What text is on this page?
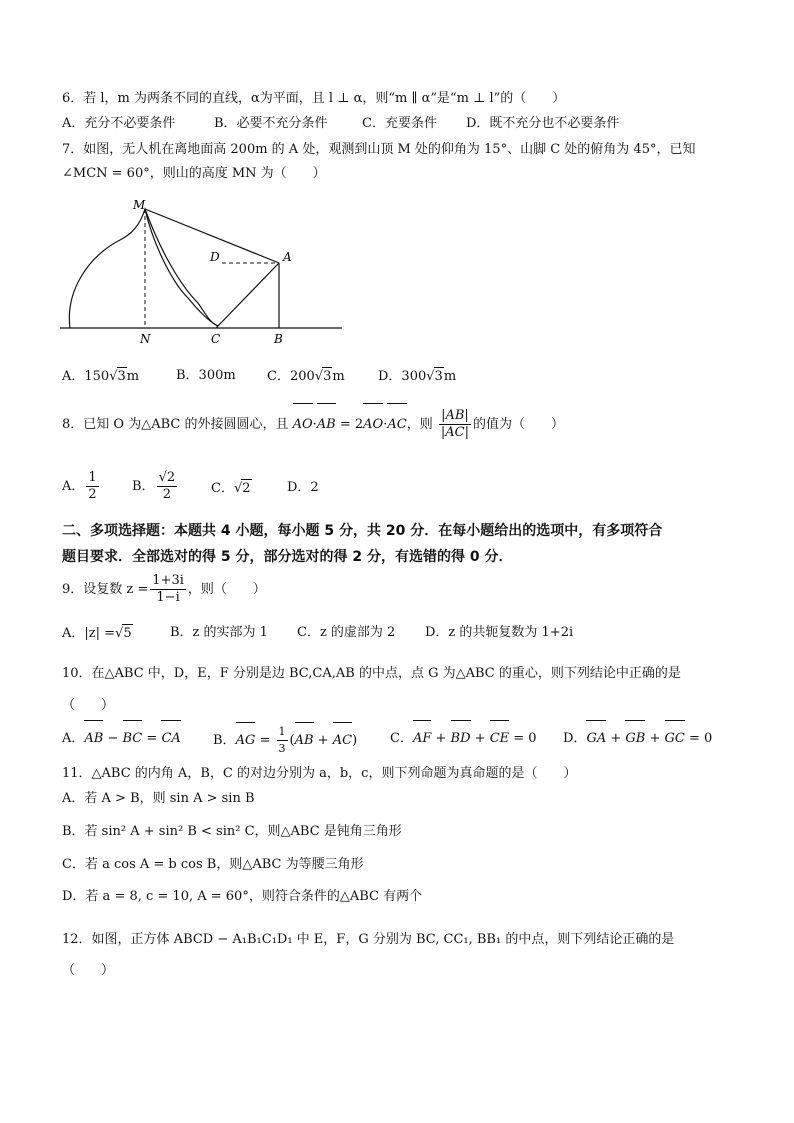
6．若 l，m 为两条不同的直线，α为平面，且 l ⊥ α，则“m ∥ α”是“m ⊥ l”的（　　）
A．充分不必要条件	B．必要不充分条件	C．充要条件 D．既不充分也不必要条件
7．如图，无人机在离地面高 200m 的 A 处，观测到山顶 M 处的仰角为 15°、山脚 C 处的俯角为 45°，已知
∠MCN = 60°，则山的高度 MN 为（　　）
M
D	A
N	C	B
A．150√3m	B．300m C．200√3m	D．300√3m
8．已知 O 为△ABC 的外接圆圆心，且 AO·AB = 2AO·AC，则 $\frac{|AB|}{|AC|}$ 的值为（　　）
A． $\frac{1}{2}$	B． $\frac{√2}{2}$	C．√2	D．2
二、多项选择题：本题共 4 小题，每小题 5 分，共 20 分．在每小题给出的选项中，有多项符合
题目要求．全部选对的得 5 分，部分选对的得 2 分，有选错的得 0 分．
9．设复数 $z = \frac{1+3i}{1-i}$ ，则（　　）
A．|z| =√5	B．z 的实部为 1 C．z 的虚部为 2 D．z 的共轭复数为 1+2i
10．在△ABC 中，D，E，F 分别是边 BC,CA,AB 的中点，点 G 为△ABC 的重心，则下列结论中正确的是
（　　）
A．AB − BC = CA B．AG = $\frac{1}{3} (AB + AC)$	C．AF + BD + CE = 0 D．GA + GB + GC = 0
11．△ABC 的内角 A，B，C 的对边分别为 a，b，c，则下列命题为真命题的是（　　）
A．若 A > B，则 sin A > sin B
B．若 sin² A + sin² B < sin² C，则△ABC 是钝角三角形
C．若 a cos A = b cos B，则△ABC 为等腰三角形
D．若 a = 8, c = 10, A = 60°，则符合条件的△ABC 有两个
12．如图，正方体 ABCD − A₁B₁C₁D₁ 中 E，F，G 分别为 BC, CC₁, BB₁ 的中点，则下列结论正确的是
（　　）
